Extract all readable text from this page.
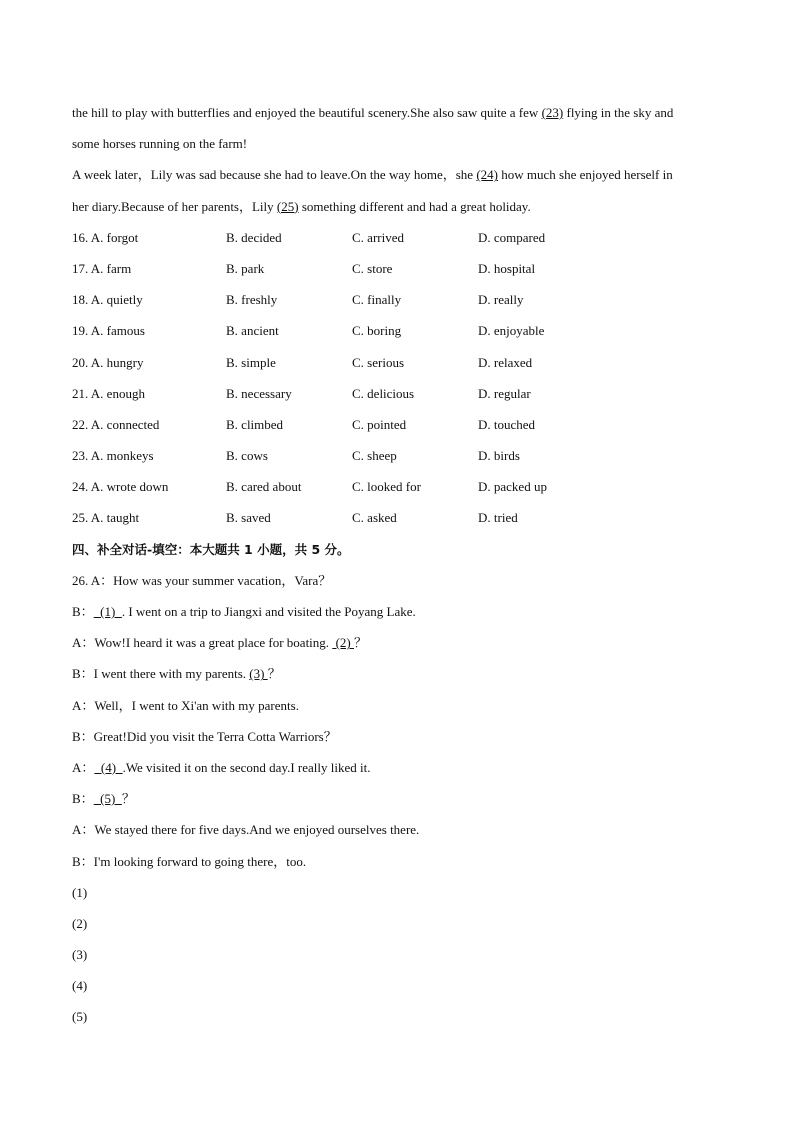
the hill to play with butterflies and enjoyed the beautiful scenery.She also saw quite a few (23) flying in the sky and
some horses running on the farm!
A week later，Lily was sad because she had to leave.On the way home，she (24) how much she enjoyed herself in
her diary.Because of her parents，Lily (25) something different and had a great holiday.
16. A. forgot	B. decided	C. arrived	D. compared
17. A. farm	B. park	C. store	D. hospital
18. A. quietly	B. freshly	C. finally	D. really
19. A. famous	B. ancient	C. boring	D. enjoyable
20. A. hungry	B. simple	C. serious	D. relaxed
21. A. enough	B. necessary	C. delicious	D. regular
22. A. connected	B. climbed	C. pointed	D. touched
23. A. monkeys	B. cows	C. sheep	D. birds
24. A. wrote down	B. cared about	C. looked for	D. packed up
25. A. taught	B. saved	C. asked	D. tried
四、补全对话-填空：本大题共 1 小题，共 5 分。
26. A：How was your summer vacation，Vara？
B：  (1)  . I went on a trip to Jiangxi and visited the Poyang Lake.
A：Wow!I heard it was a great place for boating.  (2) ？
B：I went there with my parents. (3) ？
A：Well，I went to Xi'an with my parents.
B：Great!Did you visit the Terra Cotta Warriors？
A：  (4)  .We visited it on the second day.I really liked it.
B：  (5)  ？
A：We stayed there for five days.And we enjoyed ourselves there.
B：I'm looking forward to going there，too.
(1)
(2)
(3)
(4)
(5)
